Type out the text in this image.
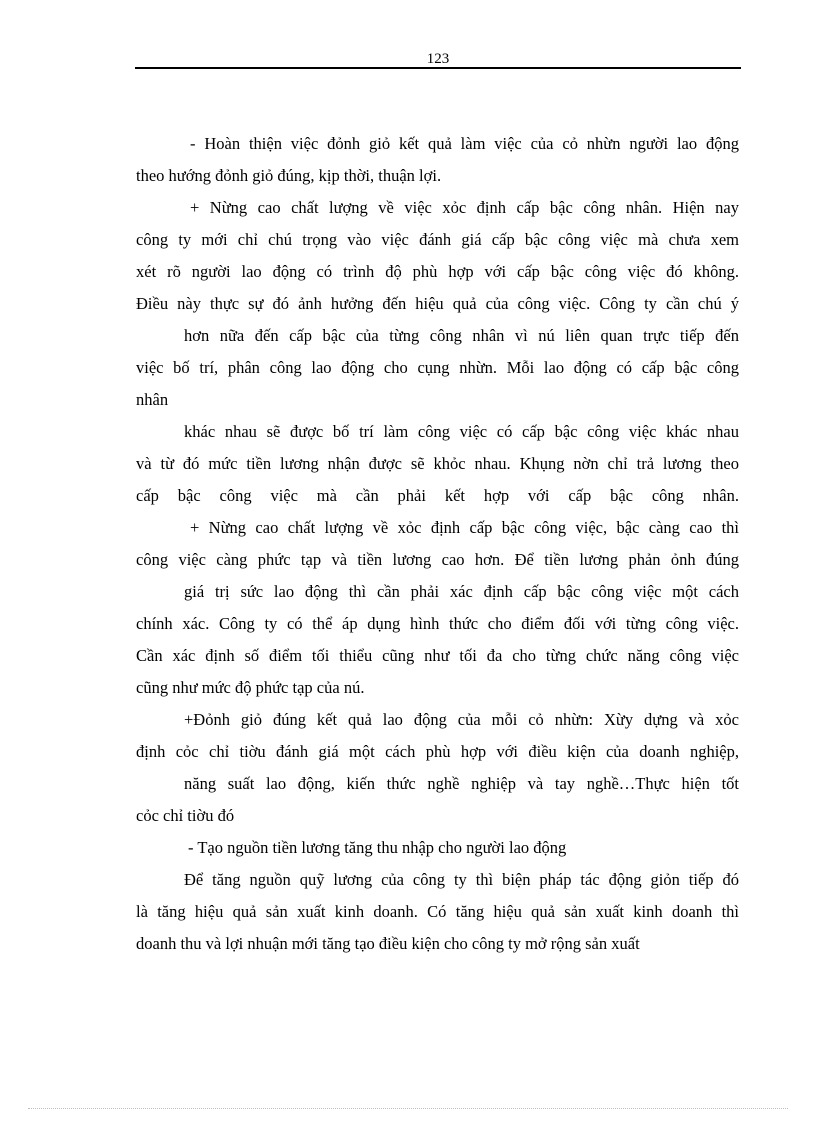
123
- Hoàn thiện việc đỏnh giỏ kết quả làm việc của cỏ nhừn người lao động
theo hướng đỏnh giỏ đúng, kịp thời, thuận lợi.
+ Nừng cao chất lượng về việc xỏc định cấp bậc công nhân. Hiện nay
công ty mới chỉ chú trọng vào việc đánh giá cấp bậc công việc mà chưa xem
xét rõ người lao động có trình độ phù hợp với cấp bậc công việc đó không.
Điều này thực sự đó ảnh hưởng đến hiệu quả của công việc. Công ty cần chú ý
hơn nữa đến cấp bậc của từng công nhân vì nú liên quan trực tiếp đến
việc bố trí, phân công lao động cho cụng nhừn. Mỗi lao động có cấp bậc công
nhân
khác nhau sẽ được bố trí làm công việc có cấp bậc công việc khác nhau
và từ đó mức tiền lương nhận được sẽ khỏc nhau. Khụng nờn chỉ trả lương theo
cấp bậc công việc mà cần phải kết hợp với cấp bậc công nhân.
+ Nừng cao chất lượng về xỏc định cấp bậc công việc, bậc càng cao thì
công việc càng phức tạp và tiền lương cao hơn. Để tiền lương phản ỏnh đúng
giá trị sức lao động thì cần phải xác định cấp bậc công việc một cách
chính xác. Công ty có thể áp dụng hình thức cho điểm đối với từng công việc.
Cần xác định số điểm tối thiểu cũng như tối đa cho từng chức năng công việc
cũng như mức độ phức tạp của nú.
+Đỏnh giỏ đúng kết quả lao động của mỗi cỏ nhừn: Xừy dựng và xỏc
định cỏc chỉ tiờu đánh giá một cách phù hợp với điều kiện của doanh nghiệp,
năng suất lao động, kiến thức nghề nghiệp và tay nghề…Thực hiện tốt
cỏc chỉ tiờu đó
- Tạo nguồn tiền lương tăng thu nhập cho người lao động
Để tăng nguồn quỹ lương của công ty thì biện pháp tác động giỏn tiếp đó
là tăng hiệu quả sản xuất kinh doanh. Có tăng hiệu quả sản xuất kinh doanh thì
doanh thu và lợi nhuận mới tăng tạo điều kiện cho công ty mở rộng sản xuất
